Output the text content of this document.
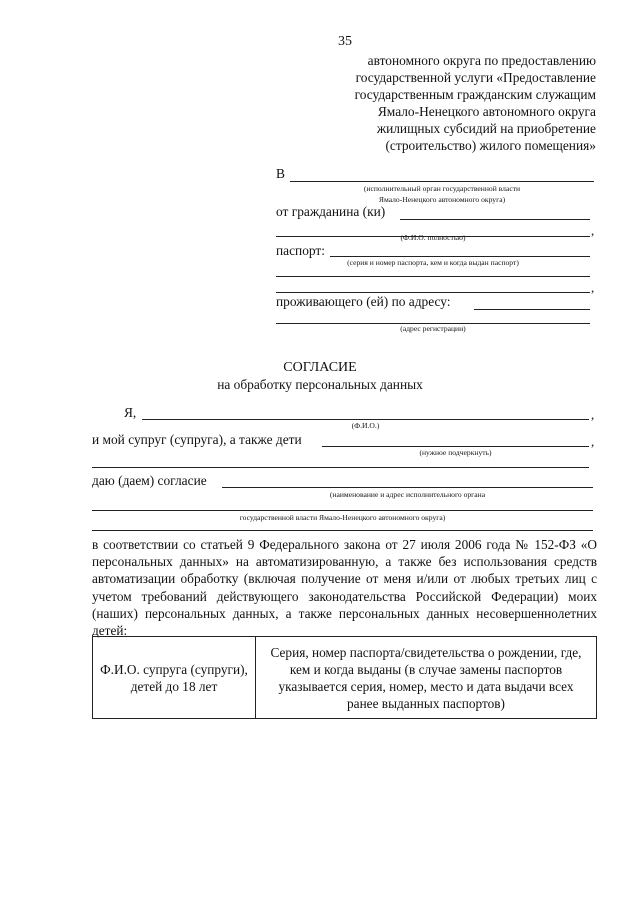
35
автономного округа по предоставлению
государственной услуги «Предоставление
государственным гражданским служащим
Ямало-Ненецкого автономного округа
жилищных субсидий на приобретение
(строительство) жилого помещения»
В
(исполнительный орган государственной власти
Ямало-Ненецкого автономного округа)
от гражданина (ки)
,
(Ф.И.О. полностью)
паспорт:
(серия и номер паспорта, кем и когда выдан паспорт)
,
проживающего (ей) по адресу:
(адрес регистрации)
СОГЛАСИЕ
на обработку персональных данных
Я,	,
(Ф.И.О.)
и мой супруг (супруга), а также дети	,
(нужное подчеркнуть)
даю (даем) согласие
(наименование и адрес исполнительного органа
государственной власти Ямало-Ненецкого автономного округа)
в соответствии со статьей 9 Федерального закона от 27 июля 2006 года № 152-ФЗ «О персональных данных» на автоматизированную, а также без использования средств автоматизации обработку (включая получение от меня и/или от любых третьих лиц с учетом требований действующего законодательства Российской Федерации) моих (наших) персональных данных, а также персональных данных несовершеннолетних детей:
Ф.И.О. супруга (супруги), детей до 18 лет	Серия, номер паспорта/свидетельства о рождении, где, кем и когда выданы (в случае замены паспортов указывается серия, номер, место и дата выдачи всех ранее выданных паспортов)
